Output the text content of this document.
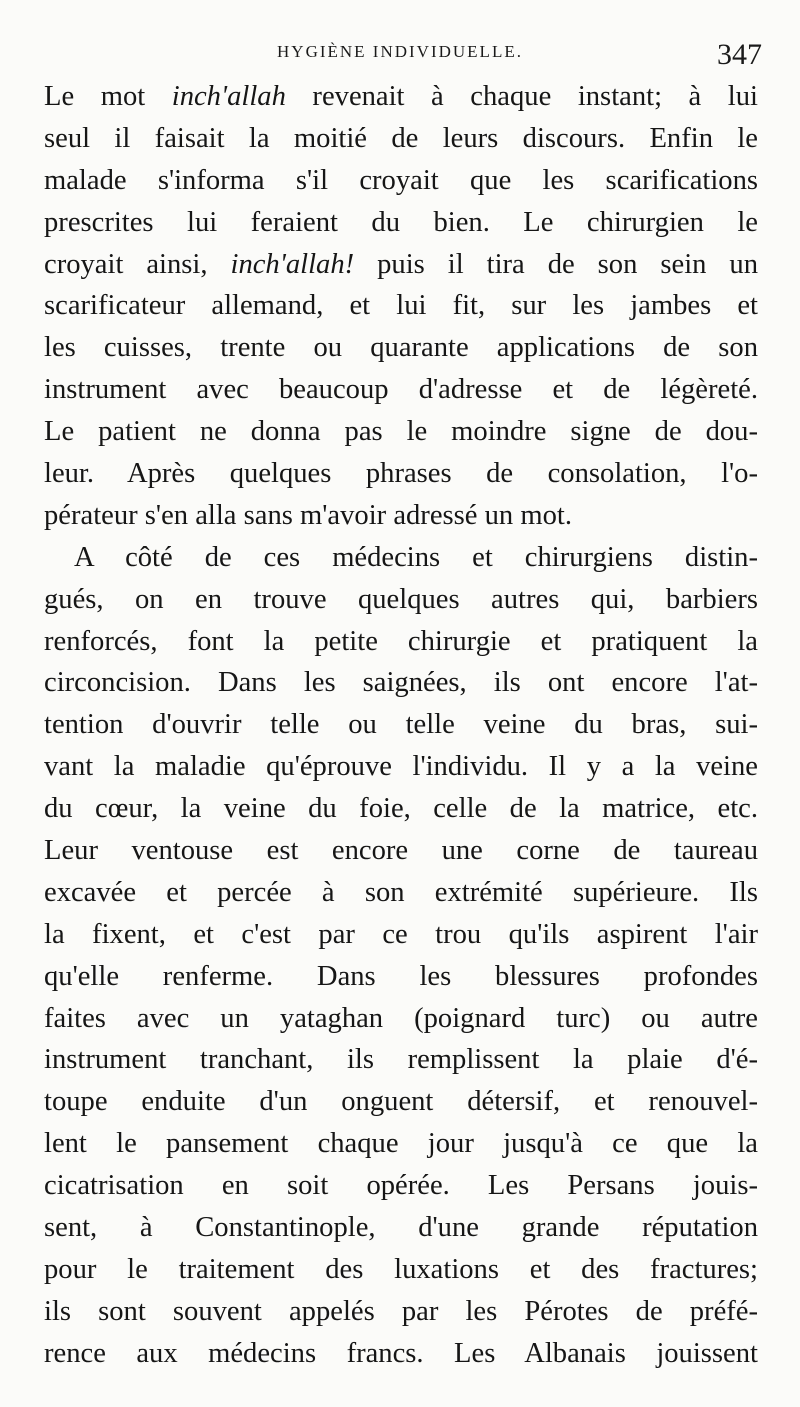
HYGIÈNE INDIVIDUELLE.	347
Le mot inch'allah revenait à chaque instant; à lui
seul il faisait la moitié de leurs discours. Enfin le
malade s'informa s'il croyait que les scarifications
prescrites lui feraient du bien. Le chirurgien le
croyait ainsi, inch'allah! puis il tira de son sein un
scarificateur allemand, et lui fit, sur les jambes et
les cuisses, trente ou quarante applications de son
instrument avec beaucoup d'adresse et de légèreté.
Le patient ne donna pas le moindre signe de dou-
leur. Après quelques phrases de consolation, l'o-
pérateur s'en alla sans m'avoir adressé un mot.
A côté de ces médecins et chirurgiens distin-
gués, on en trouve quelques autres qui, barbiers
renforcés, font la petite chirurgie et pratiquent la
circoncision. Dans les saignées, ils ont encore l'at-
tention d'ouvrir telle ou telle veine du bras, sui-
vant la maladie qu'éprouve l'individu. Il y a la veine
du cœur, la veine du foie, celle de la matrice, etc.
Leur ventouse est encore une corne de taureau
excavée et percée à son extrémité supérieure. Ils
la fixent, et c'est par ce trou qu'ils aspirent l'air
qu'elle renferme. Dans les blessures profondes
faites avec un yataghan (poignard turc) ou autre
instrument tranchant, ils remplissent la plaie d'é-
toupe enduite d'un onguent détersif, et renouvel-
lent le pansement chaque jour jusqu'à ce que la
cicatrisation en soit opérée. Les Persans jouis-
sent, à Constantinople, d'une grande réputation
pour le traitement des luxations et des fractures;
ils sont souvent appelés par les Pérotes de préfé-
rence aux médecins francs. Les Albanais jouissent
